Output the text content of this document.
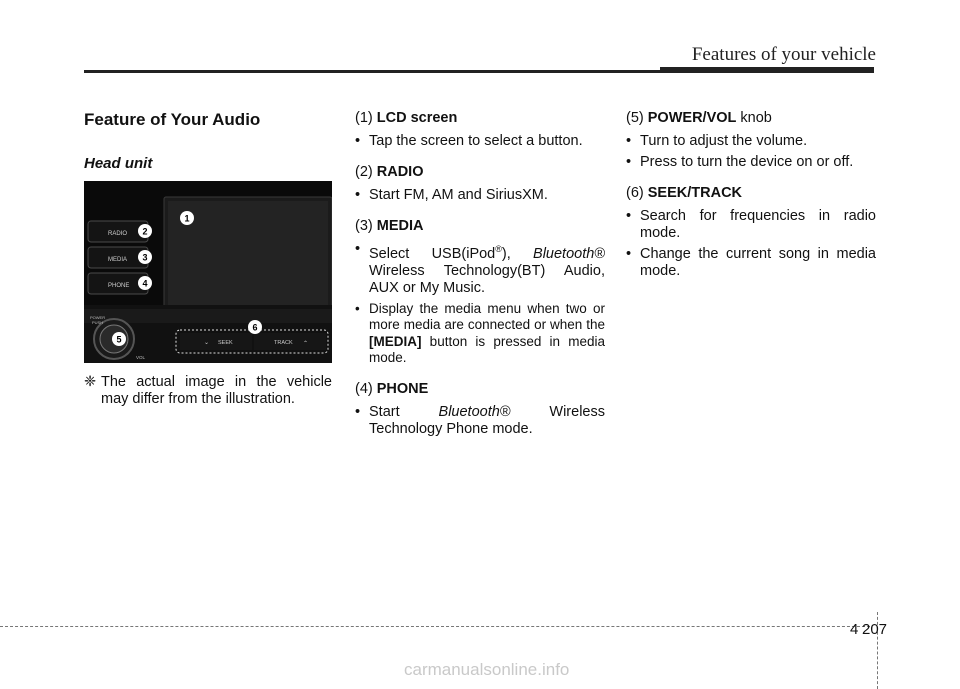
Features of your vehicle
Feature of Your Audio
Head unit
RADIO
MEDIA
PHONE
POWER
PUSH
VOL
⌄ SEEK	TRACK ⌃
1
2
3
4
5
6
❈ The actual image in the vehicle may differ from the illustration.
(1) LCD screen
• Tap the screen to select a button.
(2) RADIO
• Start FM, AM and SiriusXM.
(3) MEDIA
• Select USB(iPod®), Bluetooth® Wireless Technology(BT) Audio, AUX or My Music.
• Display the media menu when two or more media are connected or when the [MEDIA] button is pressed in media mode.
(4) PHONE
• Start Bluetooth® Wireless Technology Phone mode.
(5) POWER/VOL knob
• Turn to adjust the volume.
• Press to turn the device on or off.
(6) SEEK/TRACK
• Search for frequencies in radio mode.
• Change the current song in media mode.
4 207
carmanualsonline.info
